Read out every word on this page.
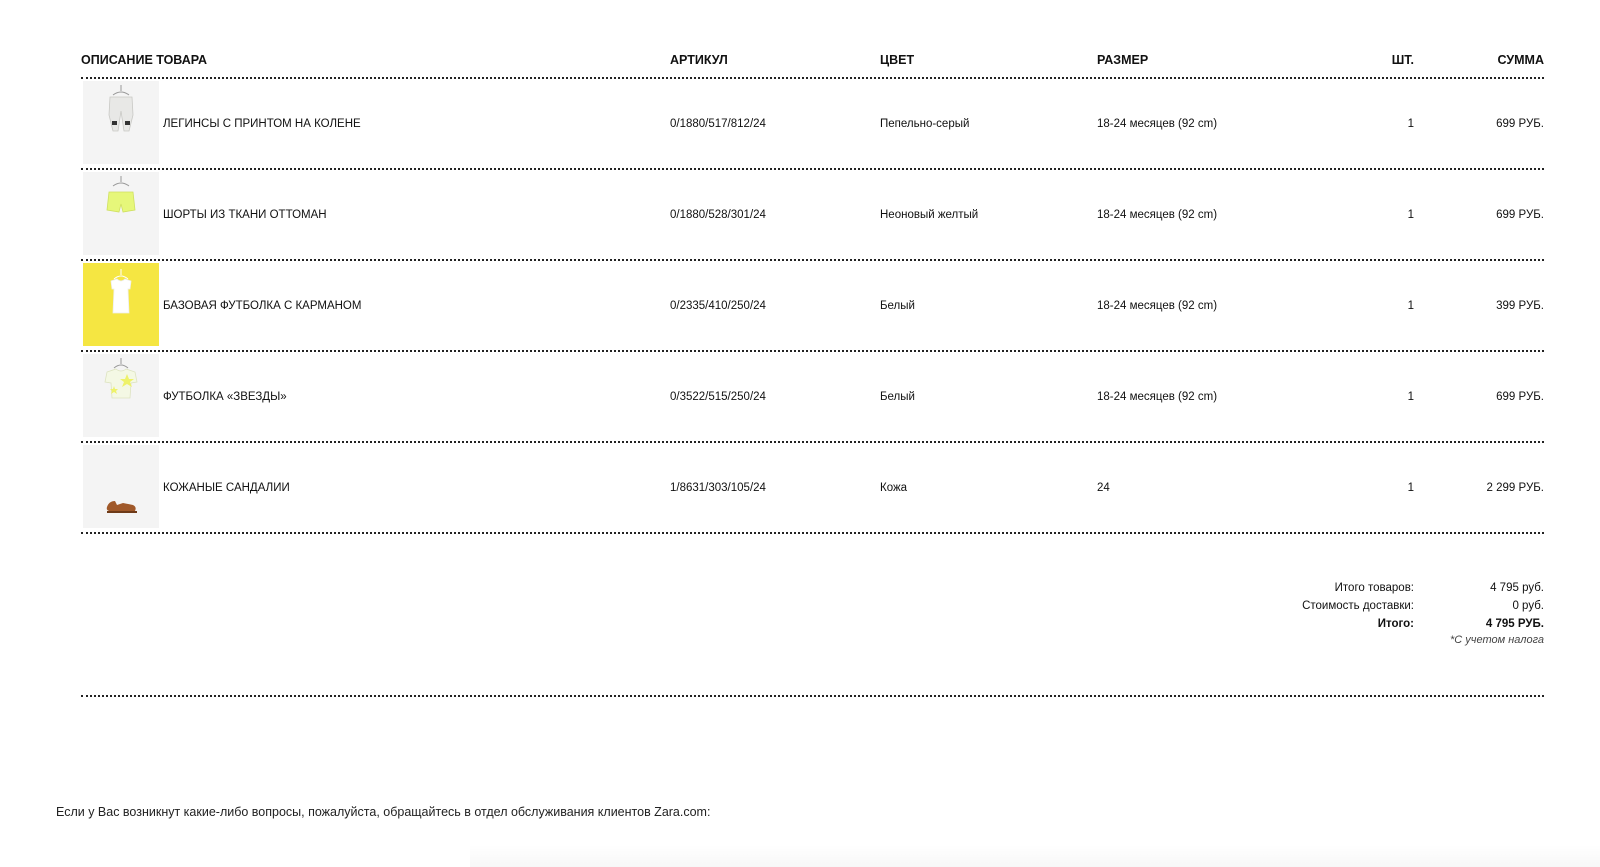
ОПИСАНИЕ ТОВАРА	АРТИКУЛ	ЦВЕТ	РАЗМЕР	ШТ.	СУММА
ЛЕГИНСЫ С ПРИНТОМ НА КОЛЕНЕ	0/1880/517/812/24	Пепельно-серый	18-24 месяцев (92 cm)	1	699 РУБ.
ШОРТЫ ИЗ ТКАНИ ОТТОМАН	0/1880/528/301/24	Неоновый желтый	18-24 месяцев (92 cm)	1	699 РУБ.
БАЗОВАЯ ФУТБОЛКА С КАРМАНОМ	0/2335/410/250/24	Белый	18-24 месяцев (92 cm)	1	399 РУБ.
ФУТБОЛКА «ЗВЕЗДЫ»	0/3522/515/250/24	Белый	18-24 месяцев (92 cm)	1	699 РУБ.
КОЖАНЫЕ САНДАЛИИ	1/8631/303/105/24	Кожа	24	1	2 299 РУБ.
Итого товаров:	4 795 руб.
Стоимость доставки:	0 руб.
Итого:	4 795 РУБ.
*С учетом налога
Если у Вас возникнут какие-либо вопросы, пожалуйста, обращайтесь в отдел обслуживания клиентов Zara.com:
